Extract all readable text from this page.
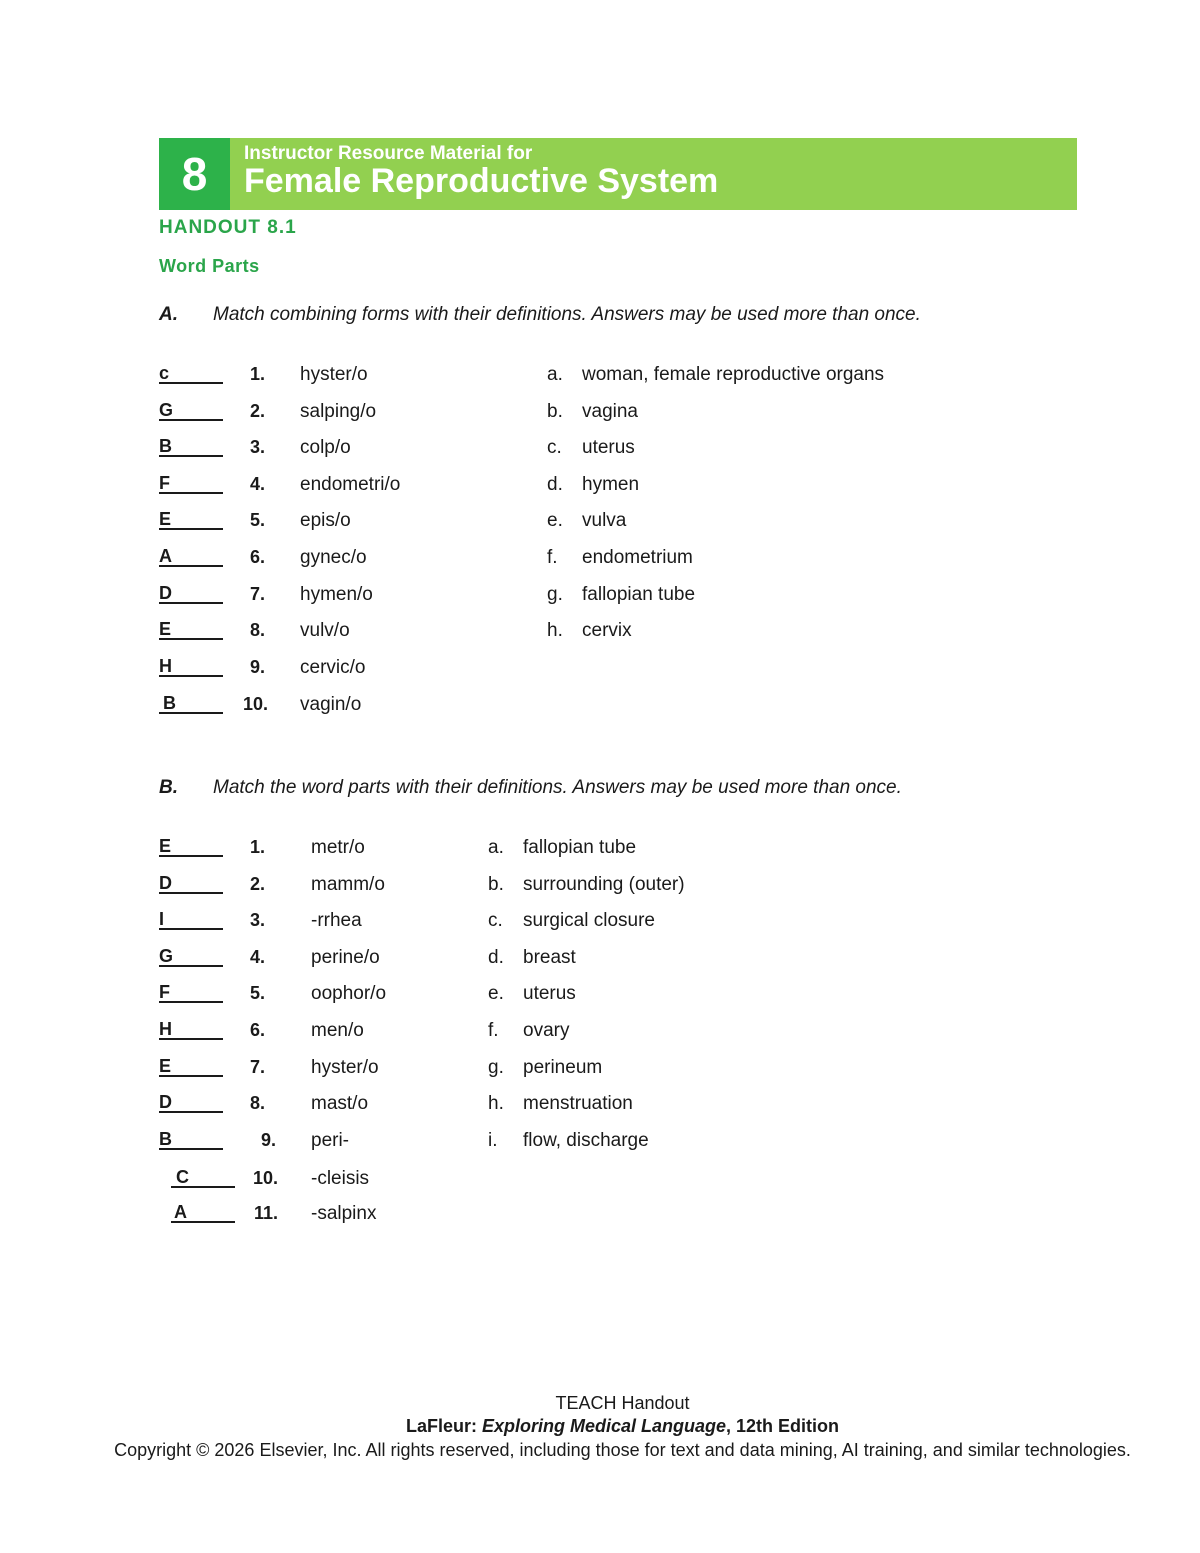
8	Instructor Resource Material for
Female Reproductive System
HANDOUT 8.1
Word Parts
A. Match combining forms with their definitions. Answers may be used more than once.
c	1. hyster/o
G	2. salping/o
B	3. colp/o
F	4. endometri/o
E	5. epis/o
A	6. gynec/o
D	7. hymen/o
E	8. vulv/o
H	9. cervic/o
B	10. vagin/o
a. woman, female reproductive organs
b. vagina
c. uterus
d. hymen
e. vulva
f. endometrium
g. fallopian tube
h. cervix
B. Match the word parts with their definitions. Answers may be used more than once.
E	1. metr/o
D	2. mamm/o
I	3. -rrhea
G	4. perine/o
F	5. oophor/o
H	6. men/o
E	7. hyster/o
D	8. mast/o
B	9. peri-
C	10. -cleisis
A	11. -salpinx
a. fallopian tube
b. surrounding (outer)
c. surgical closure
d. breast
e. uterus
f. ovary
g. perineum
h. menstruation
i. flow, discharge
TEACH Handout
LaFleur: Exploring Medical Language, 12th Edition
Copyright © 2026 Elsevier, Inc. All rights reserved, including those for text and data mining, AI training, and similar technologies.
